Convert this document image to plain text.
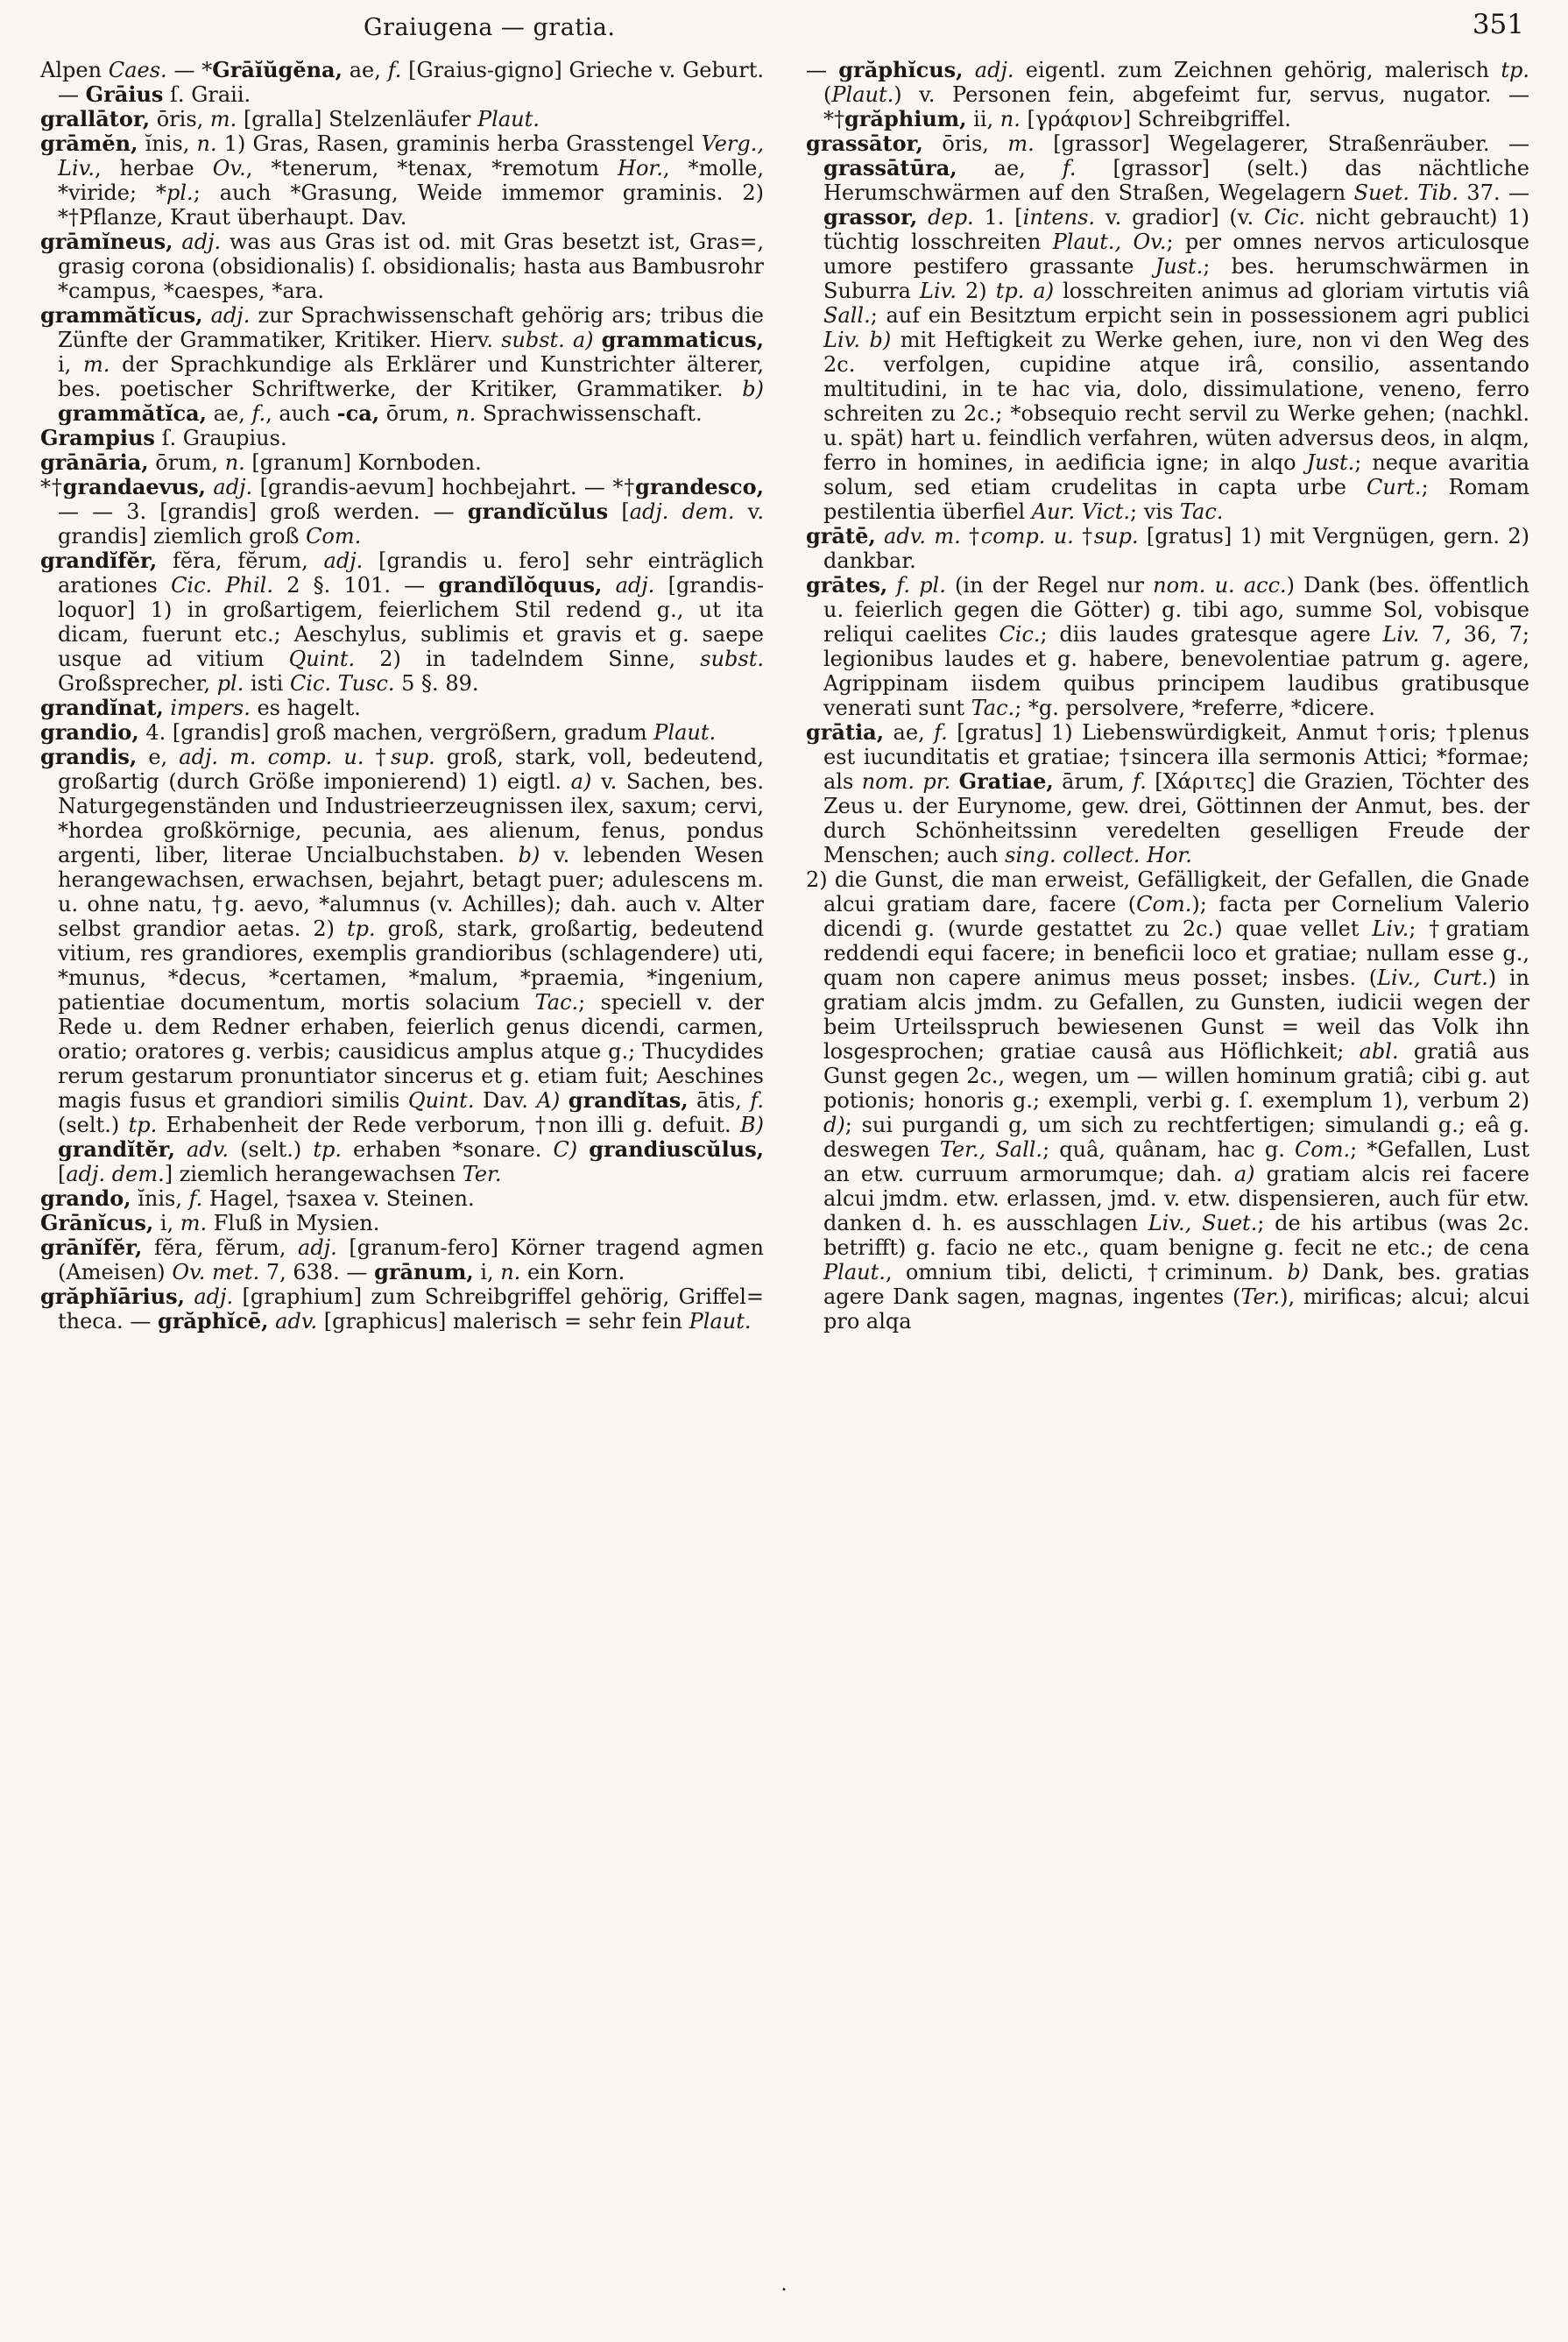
Graiugena — gratia.	351

Alpen Caes. — *Grāĭŭgĕna, ae, f. [Graius-gigno] Grieche v. Geburt. — Grāius ſ. Graii.

grallātor, ōris, m. [gralla] Stelzenläufer Plaut.

grāmĕn, ĭnis, n. 1) Gras, Rasen, graminis herba Grasstengel Verg., Liv., herbae Ov., *tenerum, *tenax, *remotum Hor., *molle, *viride; *pl.; auch *Grasung, Weide immemor graminis. 2) *†Pflanze, Kraut überhaupt. Dav.

grāmĭneus, adj. was aus Gras ist od. mit Gras besetzt ist, Gras=, grasig corona (obsidionalis) ſ. obsidionalis; hasta aus Bambusrohr *campus, *caespes, *ara.

grammătĭcus, adj. zur Sprachwissenschaft gehörig ars; tribus die Zünfte der Grammatiker, Kritiker. Hierv. subst. a) grammaticus, i, m. der Sprachkundige als Erklärer und Kunstrichter älterer, bes. poetischer Schriftwerke, der Kritiker, Grammatiker. b) grammătĭca, ae, f., auch -ca, ōrum, n. Sprachwissenschaft.

Grampius ſ. Graupius.

grānāria, ōrum, n. [granum] Kornboden.

*†grandaevus, adj. [grandis-aevum] hochbejahrt. — *†grandesco, — — 3. [grandis] groß werden. — grandĭcŭlus [adj. dem. v. grandis] ziemlich groß Com.

grandĭfĕr, fĕra, fĕrum, adj. [grandis u. fero] sehr einträglich arationes Cic. Phil. 2 §. 101. — grandĭlŏquus, adj. [grandis-loquor] 1) in großartigem, feierlichem Stil redend g., ut ita dicam, fuerunt etc.; Aeschylus, sublimis et gravis et g. saepe usque ad vitium Quint. 2) in tadelndem Sinne, subst. Großsprecher, pl. isti Cic. Tusc. 5 §. 89.

grandĭnat, impers. es hagelt.

grandio, 4. [grandis] groß machen, vergrößern, gradum Plaut.

grandis, e, adj. m. comp. u. †sup. groß, stark, voll, bedeutend, großartig (durch Größe imponierend) 1) eigtl. a) v. Sachen, bes. Naturgegenständen und Industrieerzeugnissen ilex, saxum; cervi, *hordea großkörnige, pecunia, aes alienum, fenus, pondus argenti, liber, literae Uncialbuchstaben. b) v. lebenden Wesen herangewachsen, erwachsen, bejahrt, betagt puer; adulescens m. u. ohne natu, †g. aevo, *alumnus (v. Achilles); dah. auch v. Alter selbst grandior aetas. 2) tp. groß, stark, großartig, bedeutend vitium, res grandiores, exemplis grandioribus (schlagendere) uti, *munus, *decus, *certamen, *malum, *praemia, *ingenium, patientiae documentum, mortis solacium Tac.; speciell v. der Rede u. dem Redner erhaben, feierlich genus dicendi, carmen, oratio; oratores g. verbis; causidicus amplus atque g.; Thucydides rerum gestarum pronuntiator sincerus et g. etiam fuit; Aeschines magis fusus et grandiori similis Quint. Dav. A) grandĭtas, ātis, f. (selt.) tp. Erhabenheit der Rede verborum, †non illi g. defuit. B) grandĭtĕr, adv. (selt.) tp. erhaben *sonare. C) grandiuscŭlus, [adj. dem.] ziemlich herangewachsen Ter.

grando, ĭnis, f. Hagel, †saxea v. Steinen.

Grānĭcus, i, m. Fluß in Mysien.

grānĭfĕr, fĕra, fĕrum, adj. [granum-fero] Körner tragend agmen (Ameisen) Ov. met. 7, 638. — grānum, i, n. ein Korn.

grăphĭārius, adj. [graphium] zum Schreibgriffel gehörig, Griffel= theca. — grăphĭcē, adv. [graphicus] malerisch = sehr fein Plaut.

— grăphĭcus, adj. eigentl. zum Zeichnen gehörig, malerisch tp. (Plaut.) v. Personen fein, abgefeimt fur, servus, nugator. — *†grăphium, ii, n. [γράφιον] Schreibgriffel.

grassātor, ōris, m. [grassor] Wegelagerer, Straßenräuber. — grassātūra, ae, f. [grassor] (selt.) das nächtliche Herumschwärmen auf den Straßen, Wegelagern Suet. Tib. 37. — grassor, dep. 1. [intens. v. gradior] (v. Cic. nicht gebraucht) 1) tüchtig losschreiten Plaut., Ov.; per omnes nervos articulosque umore pestifero grassante Just.; bes. herumschwärmen in Suburra Liv. 2) tp. a) losschreiten animus ad gloriam virtutis viâ Sall.; auf ein Besitztum erpicht sein in possessionem agri publici Liv. b) mit Heftigkeit zu Werke gehen, iure, non vi den Weg des 2c. verfolgen, cupidine atque irâ, consilio, assentando multitudini, in te hac via, dolo, dissimulatione, veneno, ferro schreiten zu 2c.; *obsequio recht servil zu Werke gehen; (nachkl. u. spät) hart u. feindlich verfahren, wüten adversus deos, in alqm, ferro in homines, in aedificia igne; in alqo Just.; neque avaritia solum, sed etiam crudelitas in capta urbe Curt.; Romam pestilentia überfiel Aur. Vict.; vis Tac.

grātē, adv. m. †comp. u. †sup. [gratus] 1) mit Vergnügen, gern. 2) dankbar.

grātes, f. pl. (in der Regel nur nom. u. acc.) Dank (bes. öffentlich u. feierlich gegen die Götter) g. tibi ago, summe Sol, vobisque reliqui caelites Cic.; diis laudes gratesque agere Liv. 7, 36, 7; legionibus laudes et g. habere, benevolentiae patrum g. agere, Agrippinam iisdem quibus principem laudibus gratibusque venerati sunt Tac.; *g. persolvere, *referre, *dicere.

grātia, ae, f. [gratus] 1) Liebenswürdigkeit, Anmut †oris; †plenus est iucunditatis et gratiae; †sincera illa sermonis Attici; *formae; als nom. pr. Gratiae, ārum, f. [Χάριτες] die Grazien, Töchter des Zeus u. der Eurynome, gew. drei, Göttinnen der Anmut, bes. der durch Schönheitssinn veredelten geselligen Freude der Menschen; auch sing. collect. Hor.

2) die Gunst, die man erweist, Gefälligkeit, der Gefallen, die Gnade alcui gratiam dare, facere (Com.); facta per Cornelium Valerio dicendi g. (wurde gestattet zu 2c.) quae vellet Liv.; †gratiam reddendi equi facere; in beneficii loco et gratiae; nullam esse g., quam non capere animus meus posset; insbes. (Liv., Curt.) in gratiam alcis jmdm. zu Gefallen, zu Gunsten, iudicii wegen der beim Urteilsspruch bewiesenen Gunst = weil das Volk ihn losgesprochen; gratiae causâ aus Höflichkeit; abl. gratiâ aus Gunst gegen 2c., wegen, um — willen hominum gratiâ; cibi g. aut potionis; honoris g.; exempli, verbi g. ſ. exemplum 1), verbum 2) d); sui purgandi g, um sich zu rechtfertigen; simulandi g.; eâ g. deswegen Ter., Sall.; quâ, quânam, hac g. Com.; *Gefallen, Lust an etw. curruum armorumque; dah. a) gratiam alcis rei facere alcui jmdm. etw. erlassen, jmd. v. etw. dispensieren, auch für etw. danken d. h. es ausschlagen Liv., Suet.; de his artibus (was 2c. betrifft) g. facio ne etc., quam benigne g. fecit ne etc.; de cena Plaut., omnium tibi, delicti, †criminum. b) Dank, bes. gratias agere Dank sagen, magnas, ingentes (Ter.), mirificas; alcui; alcui pro alqa

.
